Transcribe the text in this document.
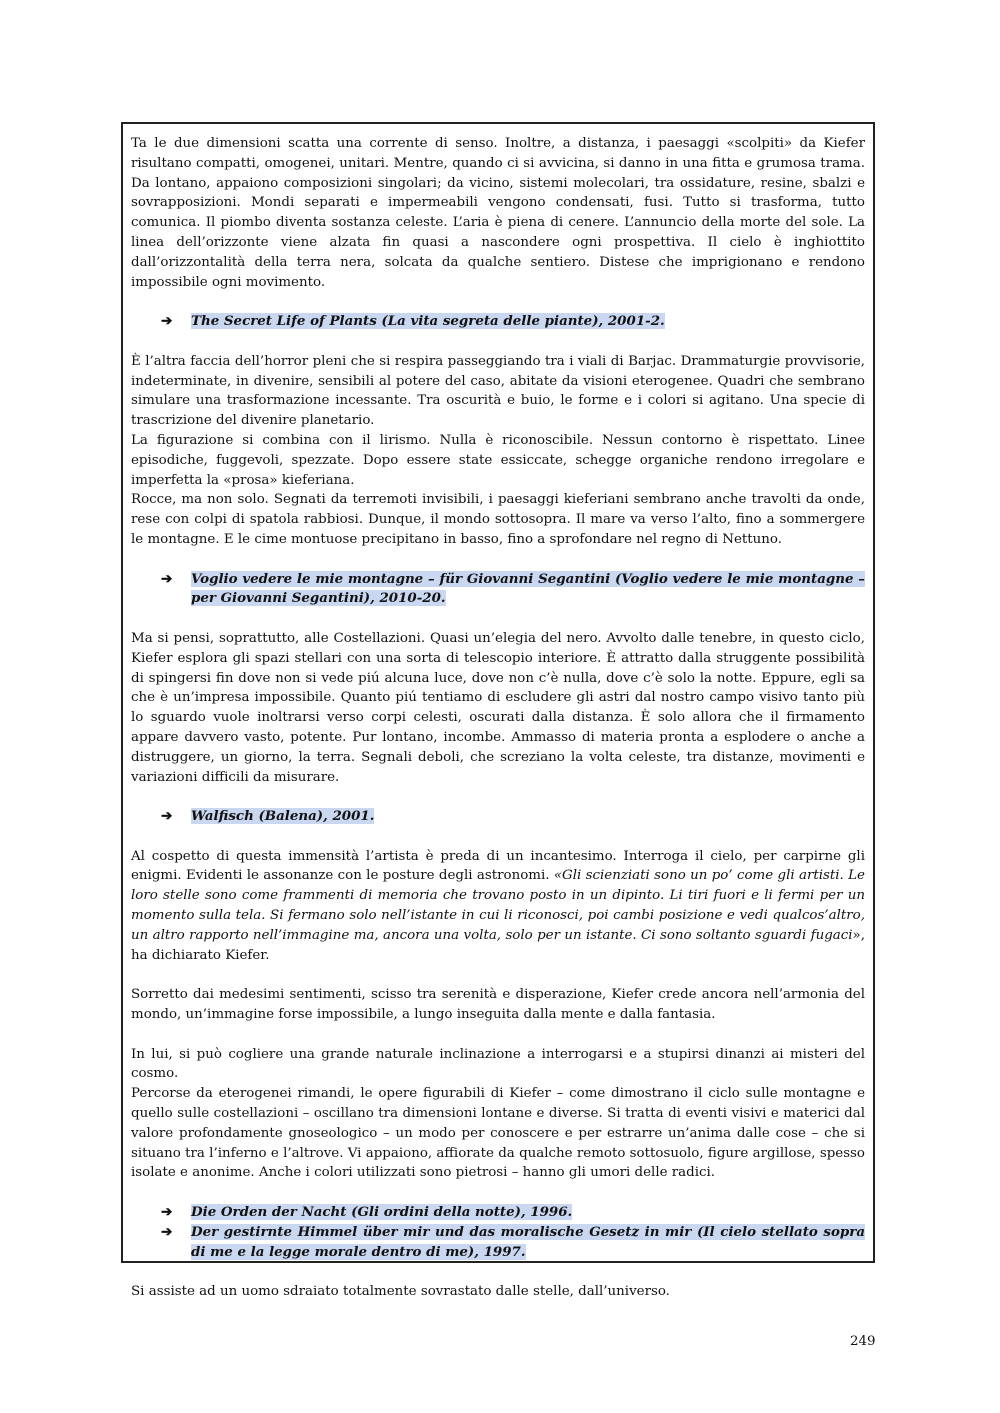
Ta le due dimensioni scatta una corrente di senso. Inoltre, a distanza, i paesaggi «scolpiti» da Kiefer risultano compatti, omogenei, unitari. Mentre, quando ci si avvicina, si danno in una fitta e grumosa trama. Da lontano, appaiono composizioni singolari; da vicino, sistemi molecolari, tra ossidature, resine, sbalzi e sovrapposizioni. Mondi separati e impermeabili vengono condensati, fusi. Tutto si trasforma, tutto comunica. Il piombo diventa sostanza celeste. L’aria è piena di cenere. L’annuncio della morte del sole. La linea dell’orizzonte viene alzata fin quasi a nascondere ogni prospettiva. Il cielo è inghiottito dall’orizzontalità della terra nera, solcata da qualche sentiero. Distese che imprigionano e rendono impossibile ogni movimento.

➔ The Secret Life of Plants (La vita segreta delle piante), 2001-2.

È l’altra faccia dell’horror pleni che si respira passeggiando tra i viali di Barjac. Drammaturgie provvisorie, indeterminate, in divenire, sensibili al potere del caso, abitate da visioni eterogenee. Quadri che sembrano simulare una trasformazione incessante. Tra oscurità e buio, le forme e i colori si agitano. Una specie di trascrizione del divenire planetario.

La figurazione si combina con il lirismo. Nulla è riconoscibile. Nessun contorno è rispettato. Linee episodiche, fuggevoli, spezzate. Dopo essere state essiccate, schegge organiche rendono irregolare e imperfetta la «prosa» kieferiana.

Rocce, ma non solo. Segnati da terremoti invisibili, i paesaggi kieferiani sembrano anche travolti da onde, rese con colpi di spatola rabbiosi. Dunque, il mondo sottosopra. Il mare va verso l’alto, fino a sommergere le montagne. E le cime montuose precipitano in basso, fino a sprofondare nel regno di Nettuno.

➔ Voglio vedere le mie montagne – für Giovanni Segantini (Voglio vedere le mie montagne – per Giovanni Segantini), 2010-20.

Ma si pensi, soprattutto, alle Costellazioni. Quasi un’elegia del nero. Avvolto dalle tenebre, in questo ciclo, Kiefer esplora gli spazi stellari con una sorta di telescopio interiore. È attratto dalla struggente possibilità di spingersi fin dove non si vede piú alcuna luce, dove non c’è nulla, dove c’è solo la notte. Eppure, egli sa che è un’impresa impossibile. Quanto piú tentiamo di escludere gli astri dal nostro campo visivo tanto più lo sguardo vuole inoltrarsi verso corpi celesti, oscurati dalla distanza. È solo allora che il firmamento appare davvero vasto, potente. Pur lontano, incombe. Ammasso di materia pronta a esplodere o anche a distruggere, un giorno, la terra. Segnali deboli, che screziano la volta celeste, tra distanze, movimenti e variazioni difficili da misurare.

➔ Walfisch (Balena), 2001.

Al cospetto di questa immensità l’artista è preda di un incantesimo. Interroga il cielo, per carpirne gli enigmi. Evidenti le assonanze con le posture degli astronomi. «Gli scienziati sono un po’ come gli artisti. Le loro stelle sono come frammenti di memoria che trovano posto in un dipinto. Li tiri fuori e li fermi per un momento sulla tela. Si fermano solo nell’istante in cui li riconosci, poi cambi posizione e vedi qualcos’altro, un altro rapporto nell’immagine ma, ancora una volta, solo per un istante. Ci sono soltanto sguardi fugaci», ha dichiarato Kiefer.

Sorretto dai medesimi sentimenti, scisso tra serenità e disperazione, Kiefer crede ancora nell’armonia del mondo, un’immagine forse impossibile, a lungo inseguita dalla mente e dalla fantasia.

In lui, si può cogliere una grande naturale inclinazione a interrogarsi e a stupirsi dinanzi ai misteri del cosmo.

Percorse da eterogenei rimandi, le opere figurabili di Kiefer – come dimostrano il ciclo sulle montagne e quello sulle costellazioni – oscillano tra dimensioni lontane e diverse. Si tratta di eventi visivi e materici dal valore profondamente gnoseologico – un modo per conoscere e per estrarre un’anima dalle cose – che si situano tra l’inferno e l’altrove. Vi appaiono, affiorate da qualche remoto sottosuolo, figure argillose, spesso isolate e anonime. Anche i colori utilizzati sono pietrosi – hanno gli umori delle radici.

➔ Die Orden der Nacht (Gli ordini della notte), 1996.

➔ Der gestirnte Himmel über mir und das moralische Gesetz in mir (Il cielo stellato sopra di me e la legge morale dentro di me), 1997.

Si assiste ad un uomo sdraiato totalmente sovrastato dalle stelle, dall’universo.

249
